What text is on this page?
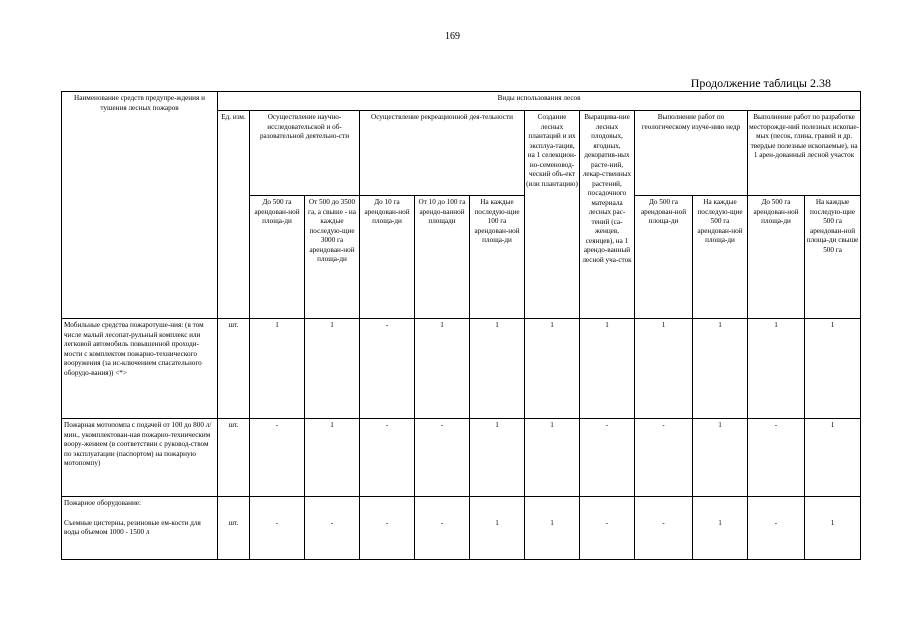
169
Продолжение таблицы 2.38
Наименование средств предупре-ждения и тушения лесных пожаров	Виды использования лесов											
	Ед. изм.	Осуществление научно-исследовательской и об-разовательной деятельно-сти		Осуществление рекреационной дея-тельности			Создание лесных плантаций и их эксплуа-тация, на 1 селекцион-но-семеновод-ческий объ-ект (или плантацию)	Выращива-ние лесных плодовых, ягодных, декоратив-ных расте-ний, лекар-ственных растений, посадочного материала лесных рас-тений (са-женцев, сеянцев), на 1 арендо-ванный лесной уча-сток	Выполнение работ по геологическому изуче-нию недр		Выполнение работ по разработке месторожде-ний полезных ископае-мых (песок, глина, гравий и др. твердые полезные ископаемые), на 1 арен-дованный лесной участок	
		До 500 га арендован-ной площа-ди	От 500 до 3500 га, а свыше - на каждые последую-щие 3000 га арендован-ной площа-ди	До 10 га арендован-ной площа-ди	От 10 до 100 га арендо-ванной площади	На каждые последую-щие 100 га арендован-ной площа-ди			До 500 га арендован-ной площа-ди	На каждые последую-щие 500 га арендован-ной площа-ди	До 500 га арендован-ной площа-ди	На каждые последую-щие 500 га арендован-ной площа-ди свыше 500 га
Мобильные средства пожаротуше-ния: (в том числе малый лесопат-рульный комплекс или легковой автомобиль повышенной проходи-мости с комплектом пожарно-технического вооружения (за ис-ключением спасательного оборудо-вания)) <*>	шт.	1	1	-	1	1	1	1	1	1	1	1
Пожарная мотопомпа с подачей от 100 до 800 л/мин., укомплектован-ная пожарно-техническим воору-жением (в соответствии с руковод-ством по эксплуатации (паспортом) на пожарную мотопомпу)	шт.	-	1	-	-	1	1	-	-	1	-	1
Пожарное оборудование:
Съемные цистерны, резиновые ем-кости для воды объемом 1000 - 1500 л	шт.	-	-	-	-	1	1	-	-	1	-	1
